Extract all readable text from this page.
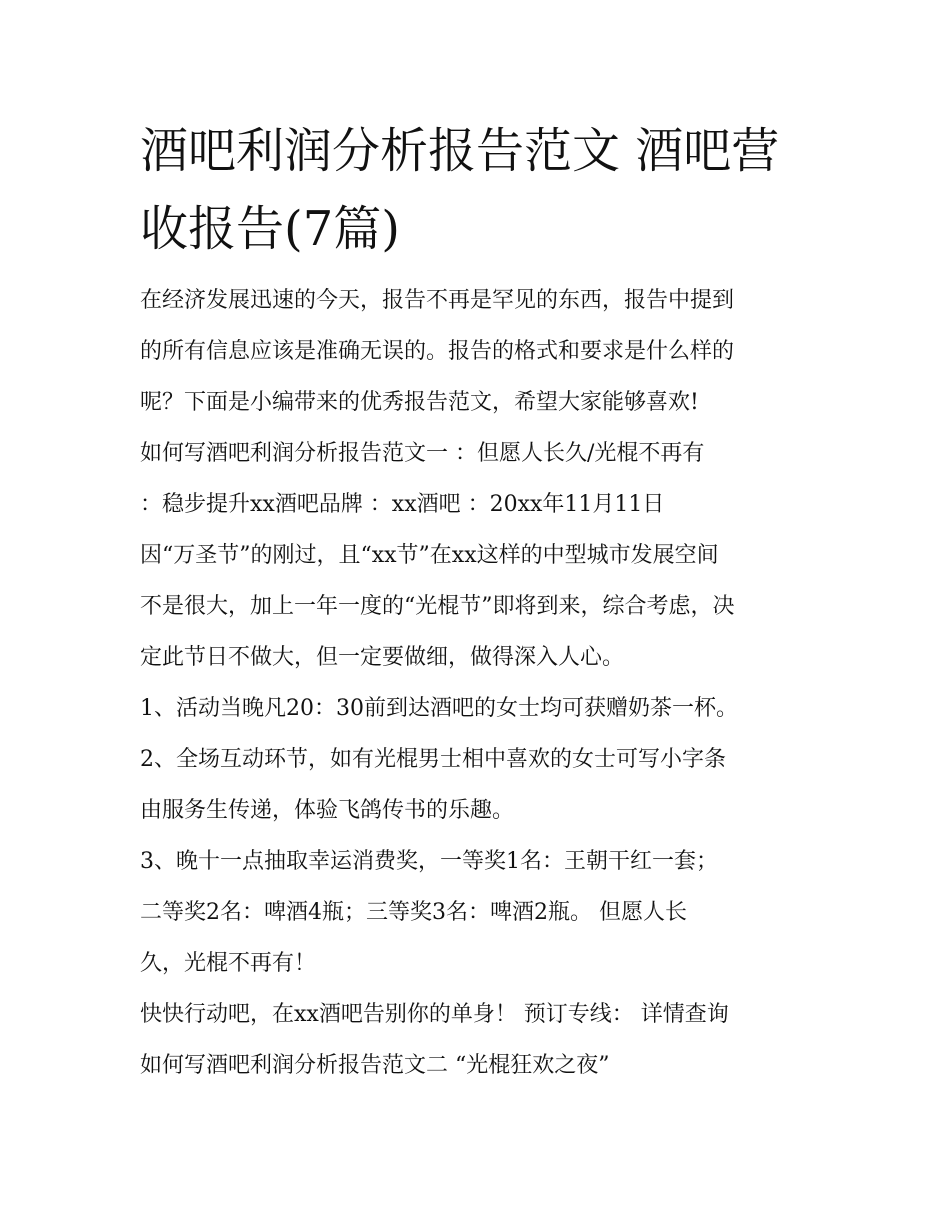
酒吧利润分析报告范文 酒吧营
收报告(7篇)
在经济发展迅速的今天，报告不再是罕见的东西，报告中提到
的所有信息应该是准确无误的。报告的格式和要求是什么样的
呢？下面是小编带来的优秀报告范文，希望大家能够喜欢!
如何写酒吧利润分析报告范文一 ：但愿人长久/光棍不再有
：稳步提升xx酒吧品牌 ：xx酒吧 ：20xx年11月11日
因“万圣节”的刚过，且“xx节”在xx这样的中型城市发展空间
不是很大，加上一年一度的“光棍节”即将到来，综合考虑，决
定此节日不做大，但一定要做细，做得深入人心。
1、活动当晚凡20：30前到达酒吧的女士均可获赠奶茶一杯。
2、全场互动环节，如有光棍男士相中喜欢的女士可写小字条
由服务生传递，体验飞鸽传书的乐趣。
3、晚十一点抽取幸运消费奖，一等奖1名：王朝干红一套；
二等奖2名：啤酒4瓶；三等奖3名：啤酒2瓶。 但愿人长
久，光棍不再有！
快快行动吧，在xx酒吧告别你的单身！ 预订专线： 详情查询
如何写酒吧利润分析报告范文二 “光棍狂欢之夜”
